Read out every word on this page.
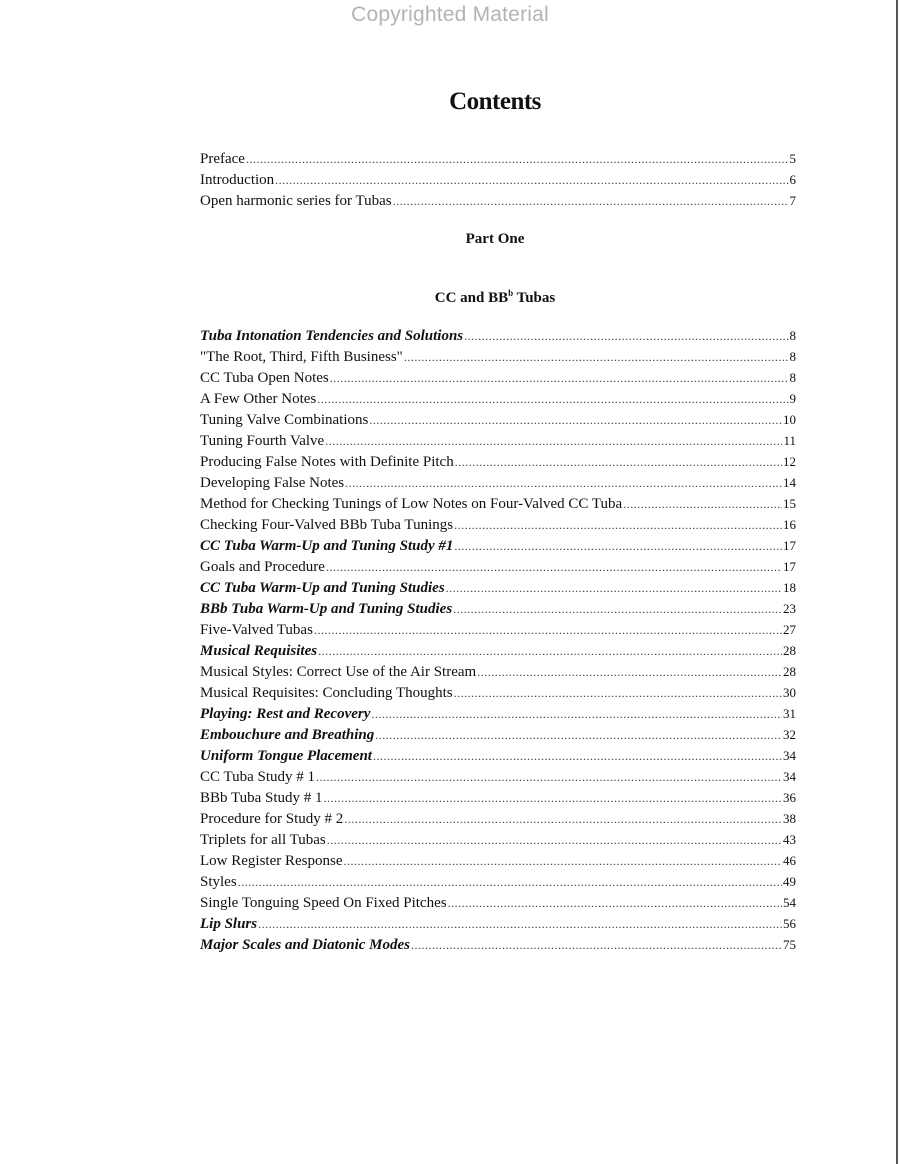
Copyrighted Material
Contents
Preface .....	5
Introduction .....	6
Open harmonic series for Tubas .....	7
Part One
CC and $BB^b$ Tubas
Tuba Intonation Tendencies and Solutions .....	8
"The Root, Third, Fifth Business" .....	8
CC Tuba Open Notes .....	8
A Few Other Notes .....	9
Tuning Valve Combinations .....	10
Tuning Fourth Valve .....	11
Producing False Notes with Definite Pitch .....	12
Developing False Notes .....	14
Method for Checking Tunings of Low Notes on Four-Valved CC Tuba .....	15
Checking Four-Valved BBb Tuba Tunings .....	16
CC Tuba Warm-Up and Tuning Study #1 .....	17
Goals and Procedure .....	17
CC Tuba Warm-Up and Tuning Studies .....	18
BBb Tuba Warm-Up and Tuning Studies .....	23
Five-Valved Tubas .....	27
Musical Requisites .....	28
Musical Styles: Correct Use of the Air Stream .....	28
Musical Requisites: Concluding Thoughts .....	30
Playing: Rest and Recovery .....	31
Embouchure and Breathing .....	32
Uniform Tongue Placement .....	34
CC Tuba Study # 1 .....	34
BBb Tuba Study # 1 .....	36
Procedure for Study # 2 .....	38
Triplets for all Tubas .....	43
Low Register Response .....	46
Styles .....	49
Single Tonguing Speed On Fixed Pitches .....	54
Lip Slurs .....	56
Major Scales and Diatonic Modes .....	75
